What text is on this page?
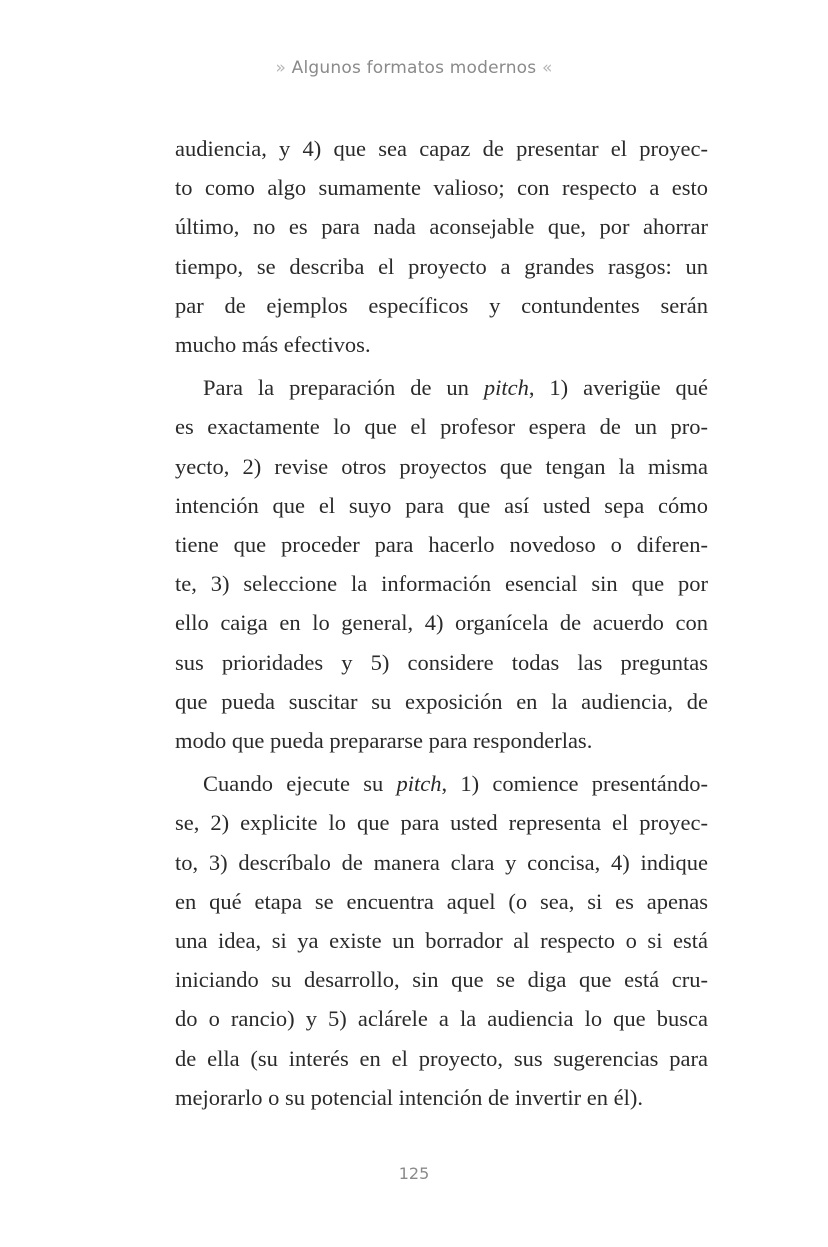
» Algunos formatos modernos «

audiencia, y 4) que sea capaz de presentar el proyec-
to como algo sumamente valioso; con respecto a esto
último, no es para nada aconsejable que, por ahorrar
tiempo, se describa el proyecto a grandes rasgos: un
par de ejemplos específicos y contundentes serán
mucho más efectivos.

Para la preparación de un pitch, 1) averigüe qué
es exactamente lo que el profesor espera de un pro-
yecto, 2) revise otros proyectos que tengan la misma
intención que el suyo para que así usted sepa cómo
tiene que proceder para hacerlo novedoso o diferen-
te, 3) seleccione la información esencial sin que por
ello caiga en lo general, 4) organícela de acuerdo con
sus prioridades y 5) considere todas las preguntas
que pueda suscitar su exposición en la audiencia, de
modo que pueda prepararse para responderlas.

Cuando ejecute su pitch, 1) comience presentándo-
se, 2) explicite lo que para usted representa el proyec-
to, 3) descríbalo de manera clara y concisa, 4) indique
en qué etapa se encuentra aquel (o sea, si es apenas
una idea, si ya existe un borrador al respecto o si está
iniciando su desarrollo, sin que se diga que está cru-
do o rancio) y 5) aclárele a la audiencia lo que busca
de ella (su interés en el proyecto, sus sugerencias para
mejorarlo o su potencial intención de invertir en él).

125
